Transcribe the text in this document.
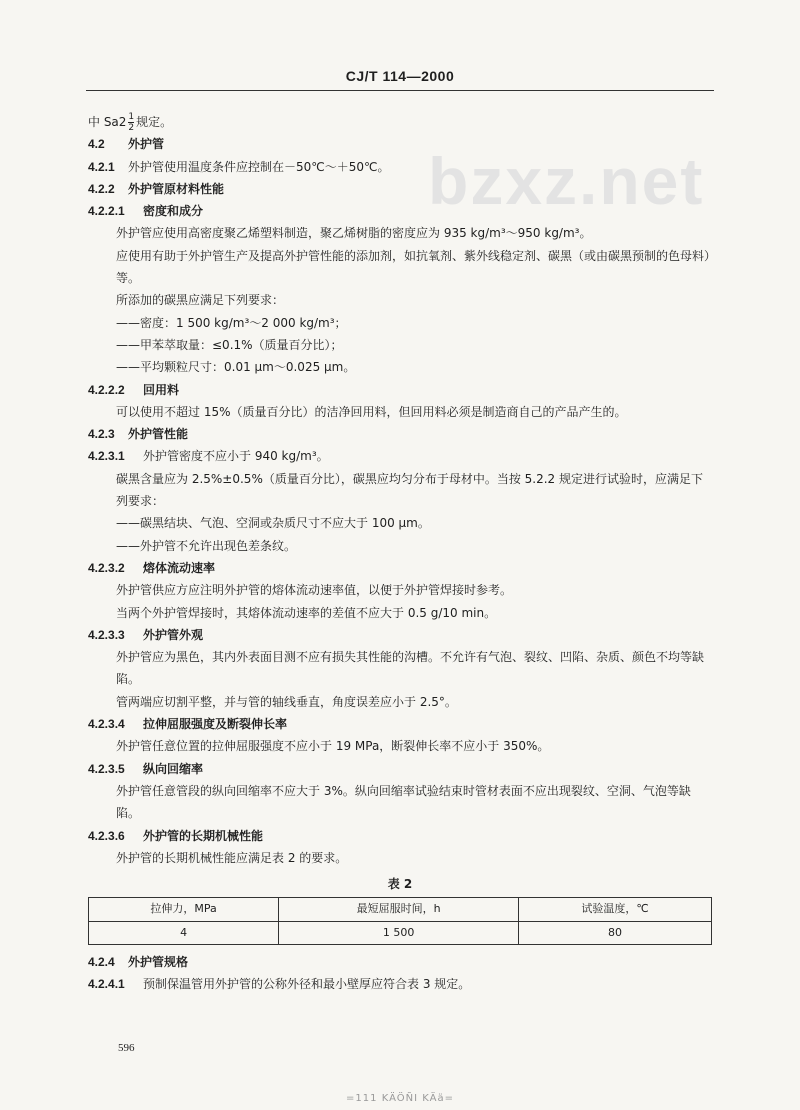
CJ/T 114—2000
bzxz.net

中 $Sa2 \frac{1}{2}$ 规定。

4.2	外护管

4.2.1	外护管使用温度条件应控制在－50℃～＋50℃。

4.2.2	外护管原材料性能

4.2.2.1	密度和成分

外护管应使用高密度聚乙烯塑料制造，聚乙烯树脂的密度应为 935 kg/m³～950 kg/m³。

应使用有助于外护管生产及提高外护管性能的添加剂，如抗氧剂、紫外线稳定剂、碳黑（或由碳黑预制的色母料）等。

所添加的碳黑应满足下列要求：

——密度：1 500 kg/m³～2 000 kg/m³；

——甲苯萃取量：≤0.1%（质量百分比）；

——平均颗粒尺寸：0.01 μm～0.025 μm。

4.2.2.2	回用料

可以使用不超过 15%（质量百分比）的洁净回用料，但回用料必须是制造商自己的产品产生的。

4.2.3	外护管性能

4.2.3.1	外护管密度不应小于 940 kg/m³。

碳黑含量应为 2.5%±0.5%（质量百分比），碳黑应均匀分布于母材中。当按 5.2.2 规定进行试验时，应满足下列要求：

——碳黑结块、气泡、空洞或杂质尺寸不应大于 100 μm。

——外护管不允许出现色差条纹。

4.2.3.2	熔体流动速率

外护管供应方应注明外护管的熔体流动速率值，以便于外护管焊接时参考。

当两个外护管焊接时，其熔体流动速率的差值不应大于 0.5 g/10 min。

4.2.3.3	外护管外观

外护管应为黑色，其内外表面目测不应有损失其性能的沟槽。不允许有气泡、裂纹、凹陷、杂质、颜色不均等缺陷。

管两端应切割平整，并与管的轴线垂直，角度误差应小于 2.5°。

4.2.3.4	拉伸屈服强度及断裂伸长率

外护管任意位置的拉伸屈服强度不应小于 19 MPa，断裂伸长率不应小于 350%。

4.2.3.5	纵向回缩率

外护管任意管段的纵向回缩率不应大于 3%。纵向回缩率试验结束时管材表面不应出现裂纹、空洞、气泡等缺陷。

4.2.3.6	外护管的长期机械性能

外护管的长期机械性能应满足表 2 的要求。

表 2
拉伸力，MPa	最短屈服时间，h	试验温度，℃
4	1 500	80

4.2.4	外护管规格

4.2.4.1	预制保温管用外护管的公称外径和最小壁厚应符合表 3 规定。

596
=111 KÄÖÑI KÄä=
